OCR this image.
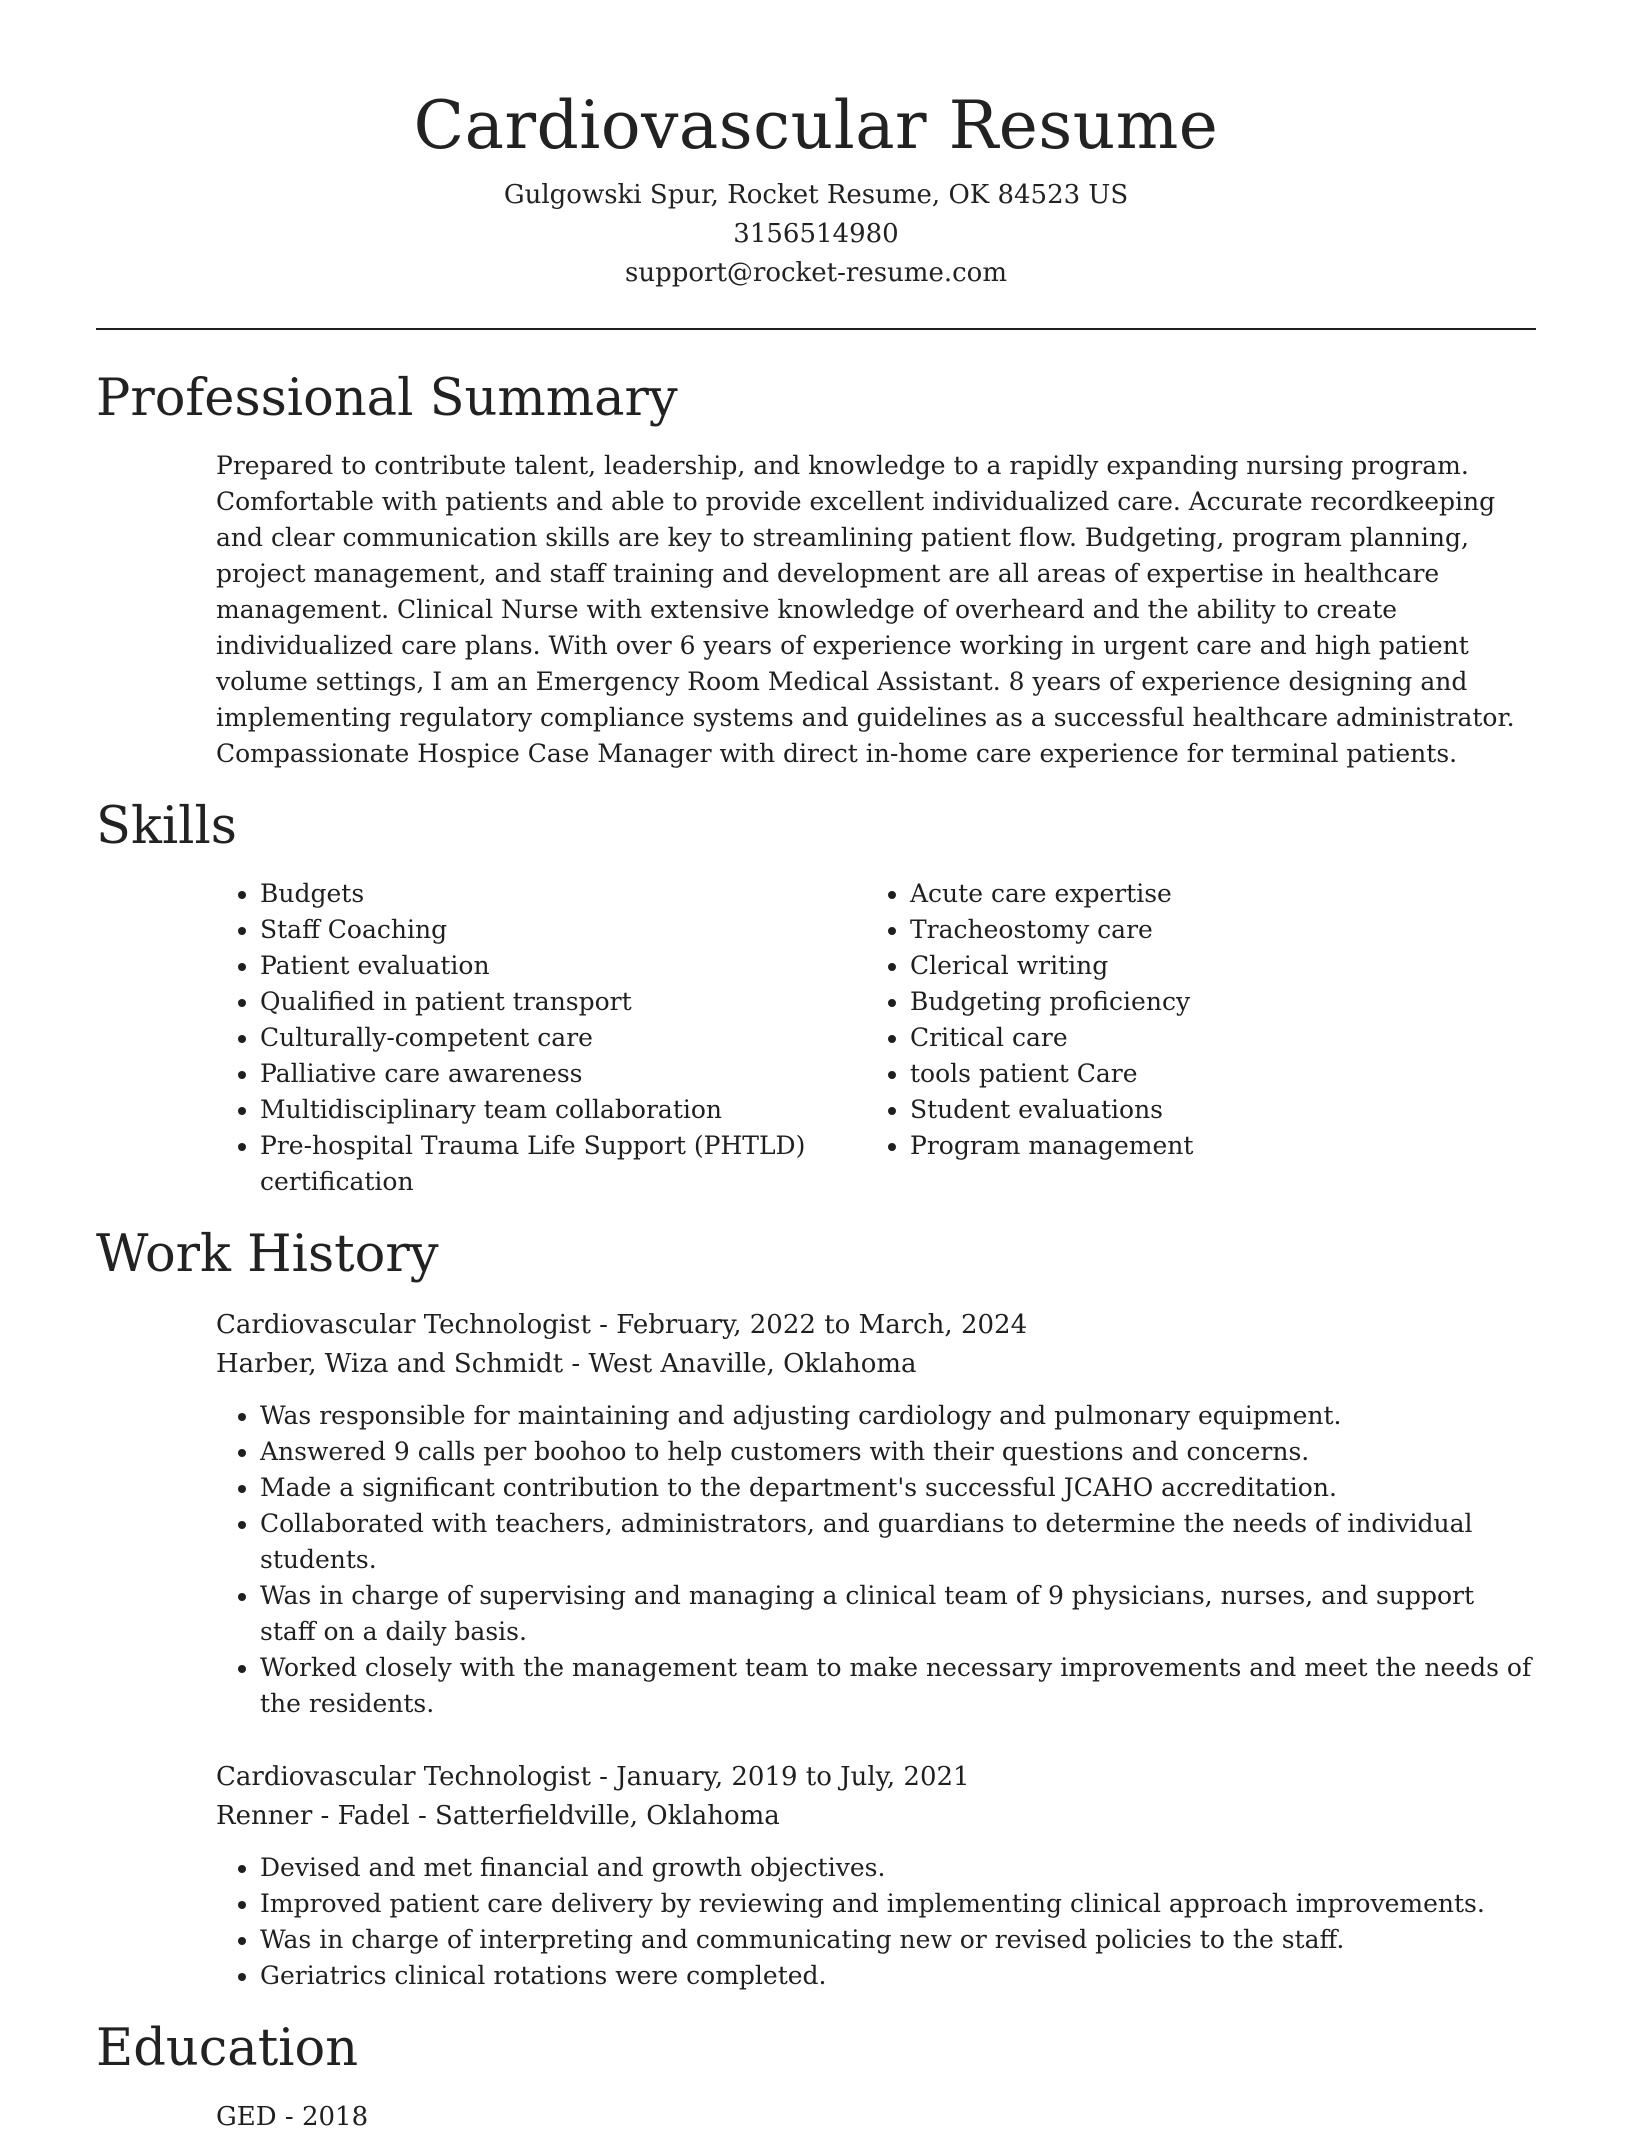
Cardiovascular Resume
Gulgowski Spur, Rocket Resume, OK 84523 US
3156514980
support@rocket-resume.com
Professional Summary
Prepared to contribute talent, leadership, and knowledge to a rapidly expanding nursing program. Comfortable with patients and able to provide excellent individualized care. Accurate recordkeeping and clear communication skills are key to streamlining patient flow. Budgeting, program planning, project management, and staff training and development are all areas of expertise in healthcare management. Clinical Nurse with extensive knowledge of overheard and the ability to create individualized care plans. With over 6 years of experience working in urgent care and high patient volume settings, I am an Emergency Room Medical Assistant. 8 years of experience designing and implementing regulatory compliance systems and guidelines as a successful healthcare administrator. Compassionate Hospice Case Manager with direct in-home care experience for terminal patients.
Skills
• Budgets
• Staff Coaching
• Patient evaluation
• Qualified in patient transport
• Culturally-competent care
• Palliative care awareness
• Multidisciplinary team collaboration
• Pre-hospital Trauma Life Support (PHTLD) certification
• Acute care expertise
• Tracheostomy care
• Clerical writing
• Budgeting proficiency
• Critical care
• tools patient Care
• Student evaluations
• Program management
Work History
Cardiovascular Technologist - February, 2022 to March, 2024
Harber, Wiza and Schmidt - West Anaville, Oklahoma
• Was responsible for maintaining and adjusting cardiology and pulmonary equipment.
• Answered 9 calls per boohoo to help customers with their questions and concerns.
• Made a significant contribution to the department's successful JCAHO accreditation.
• Collaborated with teachers, administrators, and guardians to determine the needs of individual students.
• Was in charge of supervising and managing a clinical team of 9 physicians, nurses, and support staff on a daily basis.
• Worked closely with the management team to make necessary improvements and meet the needs of the residents.
Cardiovascular Technologist - January, 2019 to July, 2021
Renner - Fadel - Satterfieldville, Oklahoma
• Devised and met financial and growth objectives.
• Improved patient care delivery by reviewing and implementing clinical approach improvements.
• Was in charge of interpreting and communicating new or revised policies to the staff.
• Geriatrics clinical rotations were completed.
Education
GED - 2018
